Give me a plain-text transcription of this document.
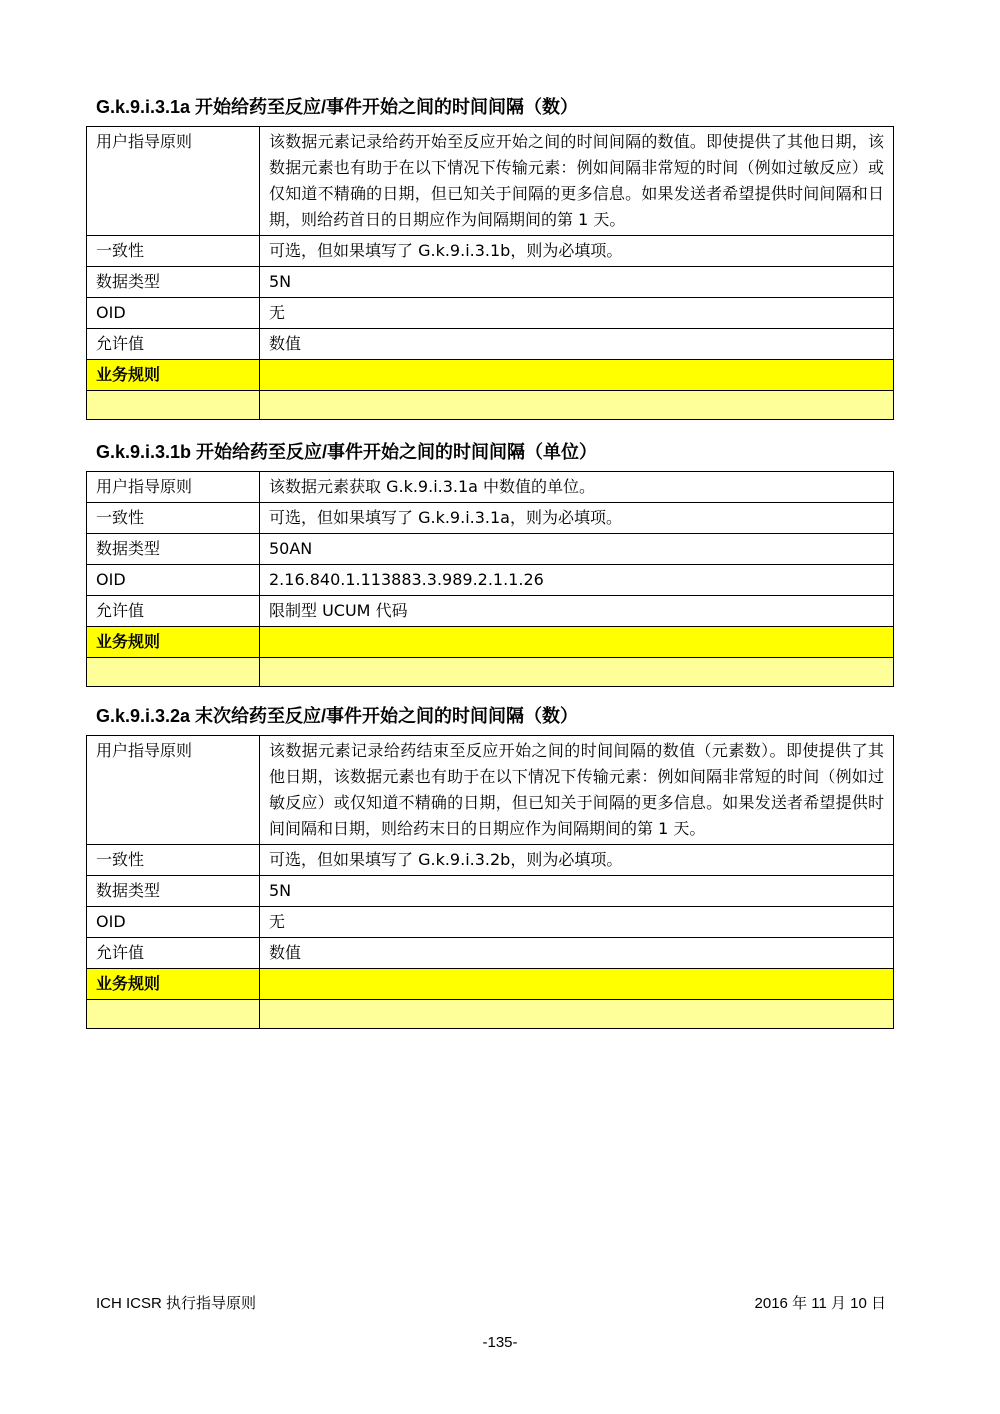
G.k.9.i.3.1a 开始给药至反应/事件开始之间的时间间隔（数）
用户指导原则	该数据元素记录给药开始至反应开始之间的时间间隔的数值。即使提供了其他日期，该数据元素也有助于在以下情况下传输元素：例如间隔非常短的时间（例如过敏反应）或仅知道不精确的日期，但已知关于间隔的更多信息。如果发送者希望提供时间间隔和日期，则给药首日的日期应作为间隔期间的第 1 天。
一致性	可选，但如果填写了 G.k.9.i.3.1b，则为必填项。
数据类型	5N
OID	无
允许值	数值
业务规则	

G.k.9.i.3.1b 开始给药至反应/事件开始之间的时间间隔（单位）
用户指导原则	该数据元素获取 G.k.9.i.3.1a 中数值的单位。
一致性	可选，但如果填写了 G.k.9.i.3.1a，则为必填项。
数据类型	50AN
OID	2.16.840.1.113883.3.989.2.1.1.26
允许值	限制型 UCUM 代码
业务规则	

G.k.9.i.3.2a 末次给药至反应/事件开始之间的时间间隔（数）
用户指导原则	该数据元素记录给药结束至反应开始之间的时间间隔的数值（元素数）。即使提供了其他日期，该数据元素也有助于在以下情况下传输元素：例如间隔非常短的时间（例如过敏反应）或仅知道不精确的日期，但已知关于间隔的更多信息。如果发送者希望提供时间间隔和日期，则给药末日的日期应作为间隔期间的第 1 天。
一致性	可选，但如果填写了 G.k.9.i.3.2b，则为必填项。
数据类型	5N
OID	无
允许值	数值
业务规则	

ICH ICSR 执行指导原则	2016 年 11 月 10 日
-135-
